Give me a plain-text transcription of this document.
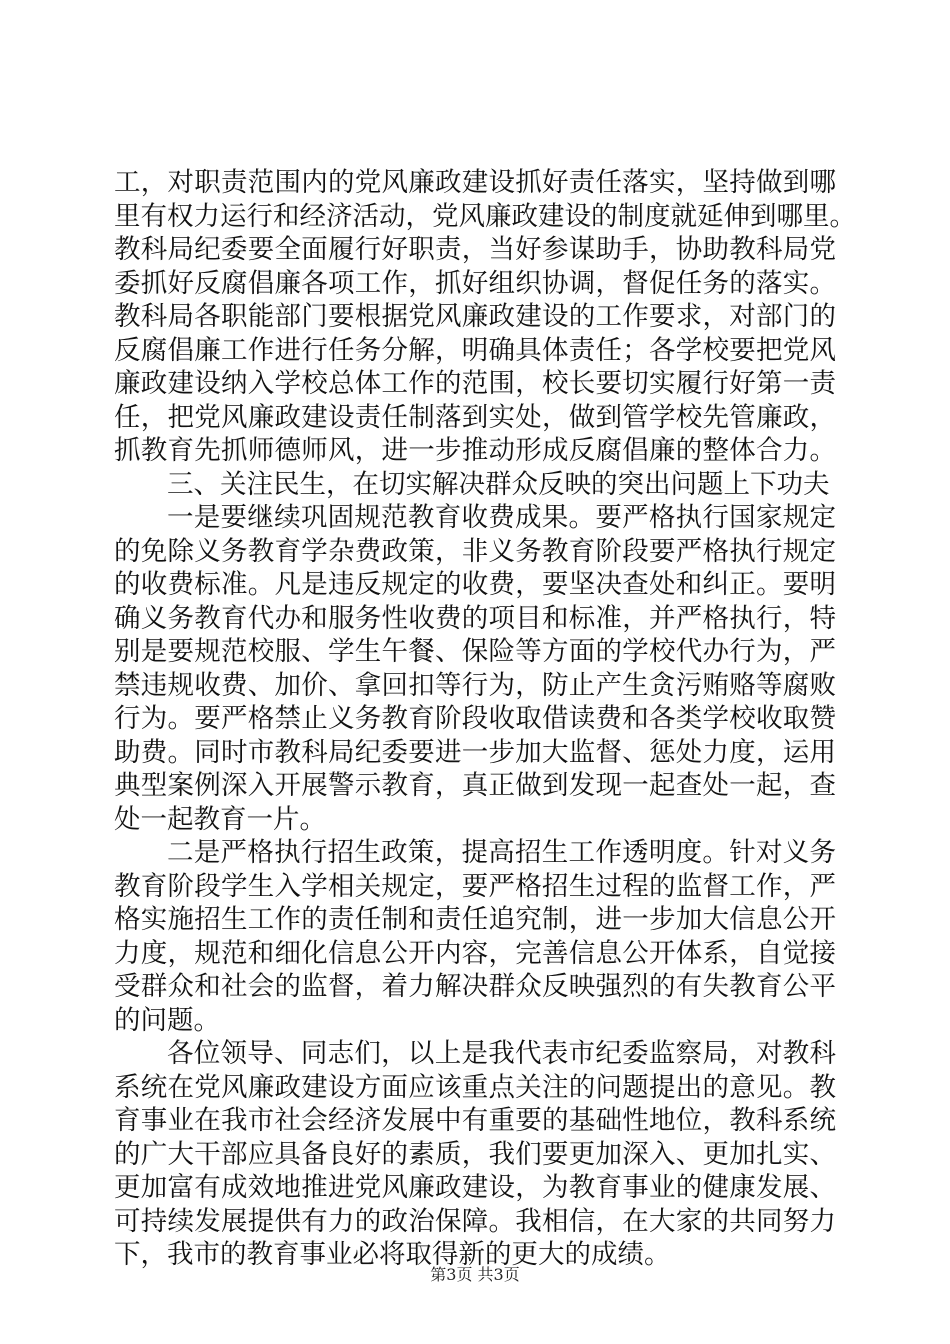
工，对职责范围内的党风廉政建设抓好责任落实，坚持做到哪
里有权力运行和经济活动，党风廉政建设的制度就延伸到哪里。
教科局纪委要全面履行好职责，当好参谋助手，协助教科局党
委抓好反腐倡廉各项工作，抓好组织协调，督促任务的落实。
教科局各职能部门要根据党风廉政建设的工作要求，对部门的
反腐倡廉工作进行任务分解，明确具体责任；各学校要把党风
廉政建设纳入学校总体工作的范围，校长要切实履行好第一责
任，把党风廉政建设责任制落到实处，做到管学校先管廉政，
抓教育先抓师德师风，进一步推动形成反腐倡廉的整体合力。
三、关注民生，在切实解决群众反映的突出问题上下功夫
一是要继续巩固规范教育收费成果。要严格执行国家规定
的免除义务教育学杂费政策，非义务教育阶段要严格执行规定
的收费标准。凡是违反规定的收费，要坚决查处和纠正。要明
确义务教育代办和服务性收费的项目和标准，并严格执行，特
别是要规范校服、学生午餐、保险等方面的学校代办行为，严
禁违规收费、加价、拿回扣等行为，防止产生贪污贿赂等腐败
行为。要严格禁止义务教育阶段收取借读费和各类学校收取赞
助费。同时市教科局纪委要进一步加大监督、惩处力度，运用
典型案例深入开展警示教育，真正做到发现一起查处一起，查
处一起教育一片。
二是严格执行招生政策，提高招生工作透明度。针对义务
教育阶段学生入学相关规定，要严格招生过程的监督工作，严
格实施招生工作的责任制和责任追究制，进一步加大信息公开
力度，规范和细化信息公开内容，完善信息公开体系，自觉接
受群众和社会的监督，着力解决群众反映强烈的有失教育公平
的问题。
各位领导、同志们，以上是我代表市纪委监察局，对教科
系统在党风廉政建设方面应该重点关注的问题提出的意见。教
育事业在我市社会经济发展中有重要的基础性地位，教科系统
的广大干部应具备良好的素质，我们要更加深入、更加扎实、
更加富有成效地推进党风廉政建设，为教育事业的健康发展、
可持续发展提供有力的政治保障。我相信，在大家的共同努力
下，我市的教育事业必将取得新的更大的成绩。
第3页 共3页
